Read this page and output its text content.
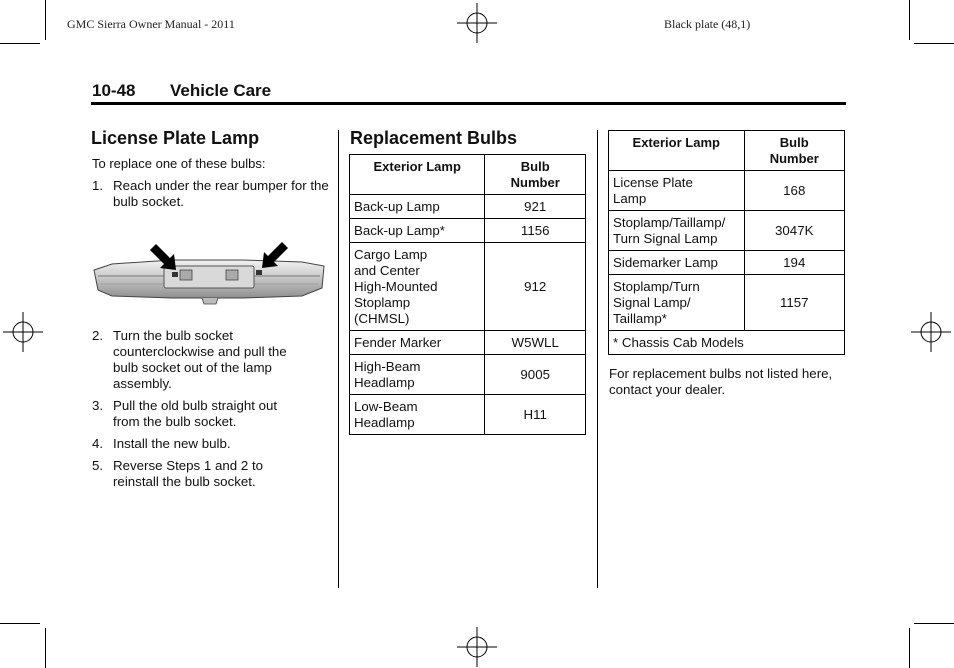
GMC Sierra Owner Manual - 2011	Black plate (48,1)
10-48 Vehicle Care
License Plate Lamp

To replace one of these bulbs:

1. Reach under the rear bumper for the bulb socket.
2. Turn the bulb socket counterclockwise and pull the bulb socket out of the lamp assembly.
3. Pull the old bulb straight out from the bulb socket.
4. Install the new bulb.
5. Reverse Steps 1 and 2 to reinstall the bulb socket.
Replacement Bulbs
Exterior Lamp	Bulb Number
Back-up Lamp	921
Back-up Lamp*	1156
Cargo Lamp and Center High-Mounted Stoplamp (CHMSL)	912
Fender Marker	W5WLL
High-Beam Headlamp	9005
Low-Beam Headlamp	H11
Exterior Lamp	Bulb Number
License Plate Lamp	168
Stoplamp/Taillamp/ Turn Signal Lamp	3047K
Sidemarker Lamp	194
Stoplamp/Turn Signal Lamp/ Taillamp*	1157
* Chassis Cab Models	

For replacement bulbs not listed here, contact your dealer.
